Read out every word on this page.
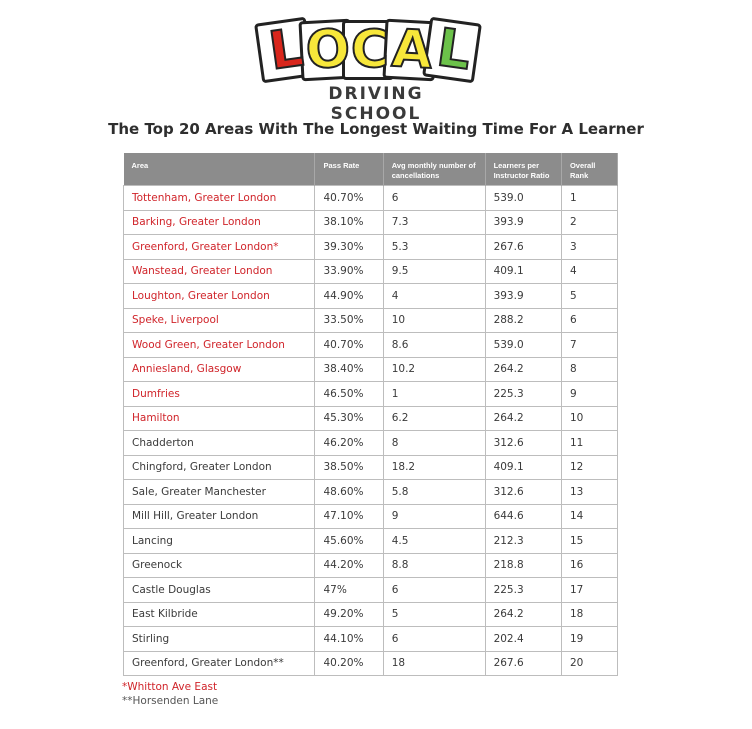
L
O C A L
DRIVING SCHOOL
The Top 20 Areas With The Longest Waiting Time For A Learner
Area	Pass Rate	Avg monthly number of cancellations	Learners per Instructor Ratio	Overall Rank
Tottenham, Greater London	40.70%	6	539.0	1
Barking, Greater London	38.10%	7.3	393.9	2
Greenford, Greater London*	39.30%	5.3	267.6	3
Wanstead, Greater London	33.90%	9.5	409.1	4
Loughton, Greater London	44.90%	4	393.9	5
Speke, Liverpool	33.50%	10	288.2	6
Wood Green, Greater London	40.70%	8.6	539.0	7
Anniesland, Glasgow	38.40%	10.2	264.2	8
Dumfries	46.50%	1	225.3	9
Hamilton	45.30%	6.2	264.2	10
Chadderton	46.20%	8	312.6	11
Chingford, Greater London	38.50%	18.2	409.1	12
Sale, Greater Manchester	48.60%	5.8	312.6	13
Mill Hill, Greater London	47.10%	9	644.6	14
Lancing	45.60%	4.5	212.3	15
Greenock	44.20%	8.8	218.8	16
Castle Douglas	47%	6	225.3	17
East Kilbride	49.20%	5	264.2	18
Stirling	44.10%	6	202.4	19
Greenford, Greater London**	40.20%	18	267.6	20
*Whitton Ave East
**Horsenden Lane
